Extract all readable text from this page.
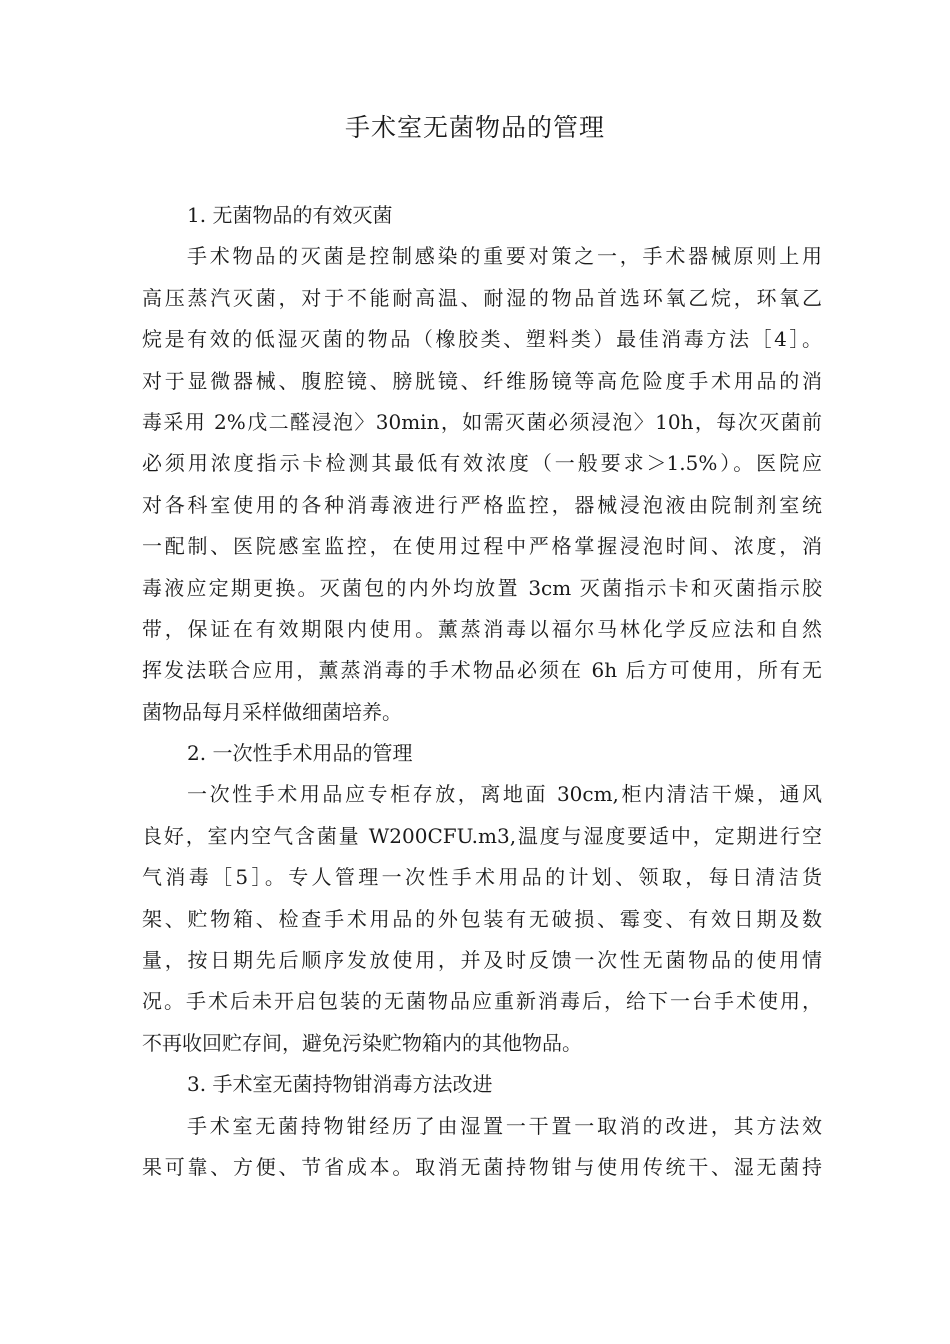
手术室无菌物品的管理
1. 无菌物品的有效灭菌
手术物品的灭菌是控制感染的重要对策之一，手术器械原则上用
高压蒸汽灭菌，对于不能耐高温、耐湿的物品首选环氧乙烷，环氧乙
烷是有效的低湿灭菌的物品（橡胶类、塑料类）最佳消毒方法［4］。
对于显微器械、腹腔镜、膀胱镜、纤维肠镜等高危险度手术用品的消
毒采用 2%戊二醛浸泡〉30min，如需灭菌必须浸泡〉10h，每次灭菌前
必须用浓度指示卡检测其最低有效浓度（一般要求＞1.5%）。医院应
对各科室使用的各种消毒液进行严格监控，器械浸泡液由院制剂室统
一配制、医院感室监控，在使用过程中严格掌握浸泡时间、浓度，消
毒液应定期更换。灭菌包的内外均放置 3cm 灭菌指示卡和灭菌指示胶
带，保证在有效期限内使用。薰蒸消毒以福尔马林化学反应法和自然
挥发法联合应用，薰蒸消毒的手术物品必须在 6h 后方可使用，所有无
菌物品每月采样做细菌培养。
2. 一次性手术用品的管理
一次性手术用品应专柜存放，离地面 30cm,柜内清洁干燥，通风
良好，室内空气含菌量 W200CFU.m3,温度与湿度要适中，定期进行空
气消毒［5］。专人管理一次性手术用品的计划、领取，每日清洁货
架、贮物箱、检查手术用品的外包装有无破损、霉变、有效日期及数
量，按日期先后顺序发放使用，并及时反馈一次性无菌物品的使用情
况。手术后未开启包装的无菌物品应重新消毒后，给下一台手术使用，
不再收回贮存间，避免污染贮物箱内的其他物品。
3. 手术室无菌持物钳消毒方法改进
手术室无菌持物钳经历了由湿置一干置一取消的改进，其方法效
果可靠、方便、节省成本。取消无菌持物钳与使用传统干、湿无菌持
